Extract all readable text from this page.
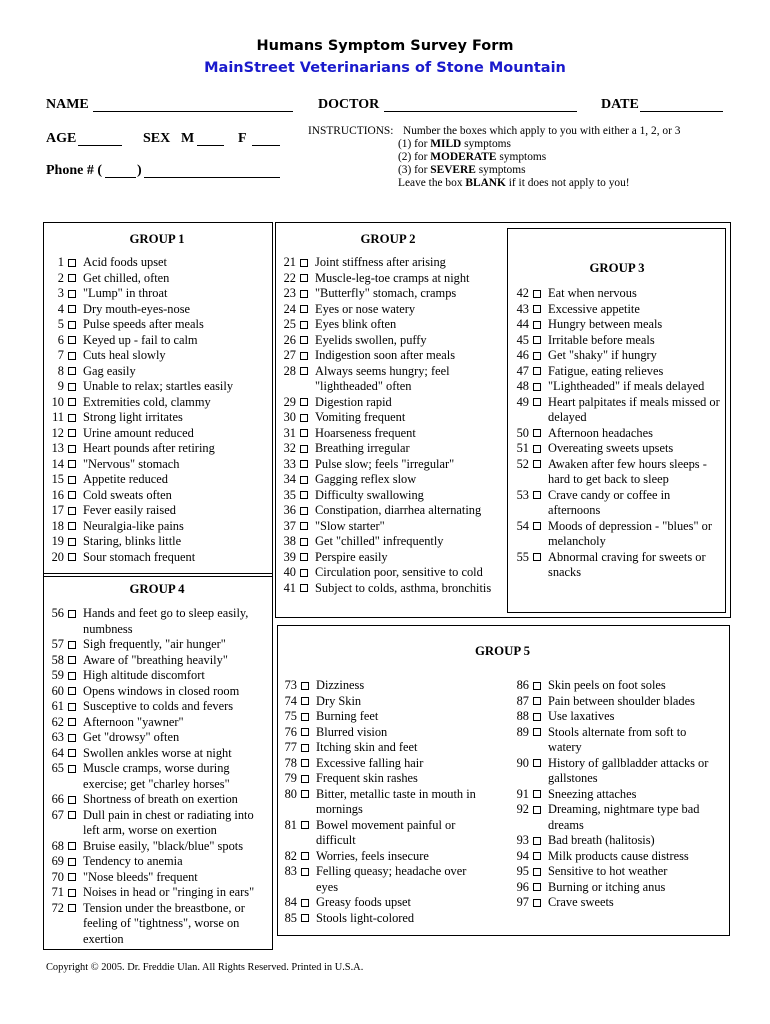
Humans Symptom Survey Form
MainStreet Veterinarians of Stone Mountain
NAME	DOCTOR	DATE
AGE	SEX M	F
Phone # (	)
INSTRUCTIONS: Number the boxes which apply to you with either a 1, 2, or 3
(1) for MILD symptoms
(2) for MODERATE symptoms
(3) for SEVERE symptoms
Leave the box BLANK if it does not apply to you!
GROUP 1	GROUP 2
GROUP 3
GROUP 4
GROUP 5
1 Acid foods upset
2 Get chilled, often
3 "Lump" in throat
4 Dry mouth-eyes-nose
5 Pulse speeds after meals
6 Keyed up - fail to calm
7 Cuts heal slowly
8 Gag easily
9 Unable to relax; startles easily
10 Extremities cold, clammy
11 Strong light irritates
12 Urine amount reduced
13 Heart pounds after retiring
14 "Nervous" stomach
15 Appetite reduced
16 Cold sweats often
17 Fever easily raised
18 Neuralgia-like pains
19 Staring, blinks little
20 Sour stomach frequent
21 Joint stiffness after arising
22 Muscle-leg-toe cramps at night
23 "Butterfly" stomach, cramps
24 Eyes or nose watery
25 Eyes blink often
26 Eyelids swollen, puffy
27 Indigestion soon after meals
28 Always seems hungry; feel "lightheaded" often
29 Digestion rapid
30 Vomiting frequent
31 Hoarseness frequent
32 Breathing irregular
33 Pulse slow; feels "irregular"
34 Gagging reflex slow
35 Difficulty swallowing
36 Constipation, diarrhea alternating
37 "Slow starter"
38 Get "chilled" infrequently
39 Perspire easily
40 Circulation poor, sensitive to cold
41 Subject to colds, asthma, bronchitis
42 Eat when nervous
43 Excessive appetite
44 Hungry between meals
45 Irritable before meals
46 Get "shaky" if hungry
47 Fatigue, eating relieves
48 "Lightheaded" if meals delayed
49 Heart palpitates if meals missed or delayed
50 Afternoon headaches
51 Overeating sweets upsets
52 Awaken after few hours sleeps - hard to get back to sleep
53 Crave candy or coffee in afternoons
54 Moods of depression - "blues" or melancholy
55 Abnormal craving for sweets or snacks
56 Hands and feet go to sleep easily, numbness
57 Sigh frequently, "air hunger"
58 Aware of "breathing heavily"
59 High altitude discomfort
60 Opens windows in closed room
61 Susceptive to colds and fevers
62 Afternoon "yawner"
63 Get "drowsy" often
64 Swollen ankles worse at night
65 Muscle cramps, worse during exercise; get "charley horses"
66 Shortness of breath on exertion
67 Dull pain in chest or radiating into left arm, worse on exertion
68 Bruise easily, "black/blue" spots
69 Tendency to anemia
70 "Nose bleeds" frequent
71 Noises in head or "ringing in ears"
72 Tension under the breastbone, or feeling of "tightness", worse on exertion
73 Dizziness
74 Dry Skin
75 Burning feet
76 Blurred vision
77 Itching skin and feet
78 Excessive falling hair
79 Frequent skin rashes
80 Bitter, metallic taste in mouth in mornings
81 Bowel movement painful or difficult
82 Worries, feels insecure
83 Felling queasy; headache over eyes
84 Greasy foods upset
85 Stools light-colored
86 Skin peels on foot soles
87 Pain between shoulder blades
88 Use laxatives
89 Stools alternate from soft to watery
90 History of gallbladder attacks or gallstones
91 Sneezing attaches
92 Dreaming, nightmare type bad dreams
93 Bad breath (halitosis)
94 Milk products cause distress
95 Sensitive to hot weather
96 Burning or itching anus
97 Crave sweets
Copyright © 2005. Dr. Freddie Ulan. All Rights Reserved. Printed in U.S.A.
